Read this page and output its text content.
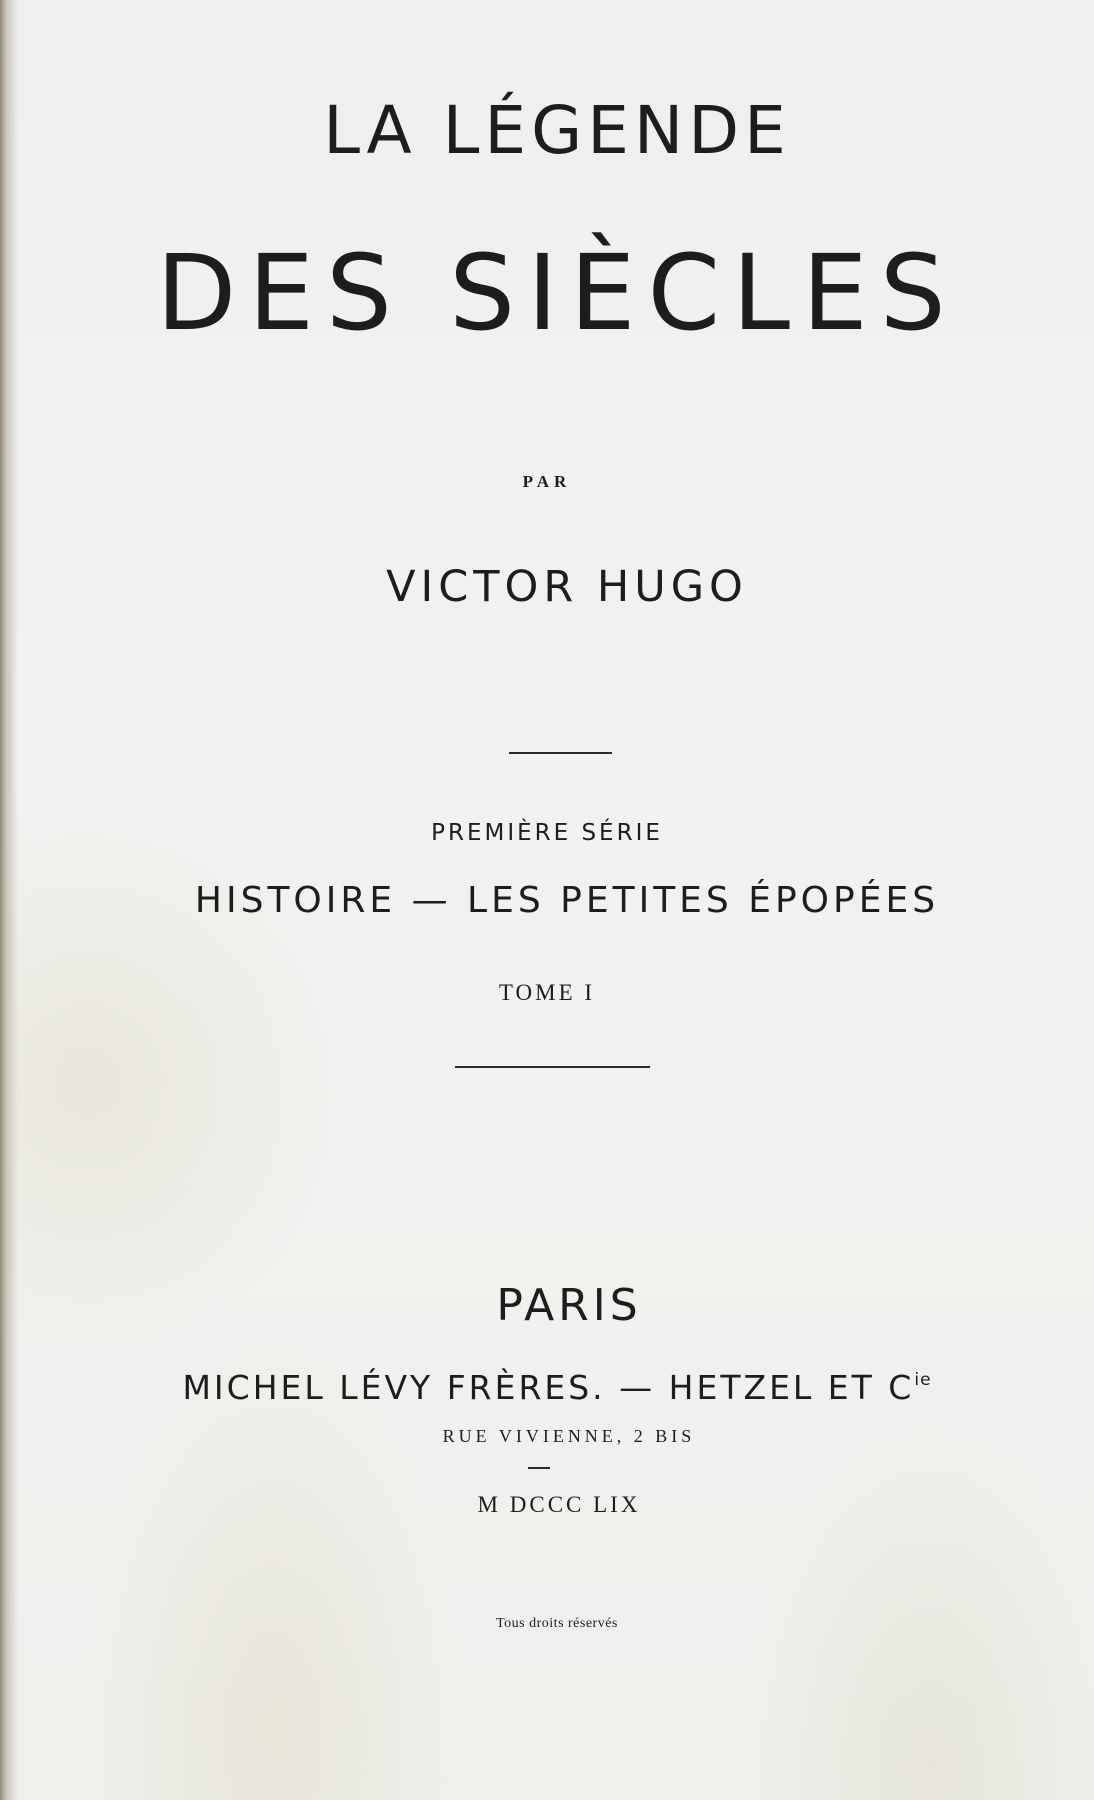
LA LÉGENDE
DES SIÈCLES
PAR
VICTOR HUGO
PREMIÈRE SÉRIE
HISTOIRE — LES PETITES ÉPOPÉES
TOME I
PARIS
MICHEL LÉVY FRÈRES. — HETZEL ET $C^{ie}$
RUE VIVIENNE, 2 BIS
M DCCC LIX
Tous droits réservés
